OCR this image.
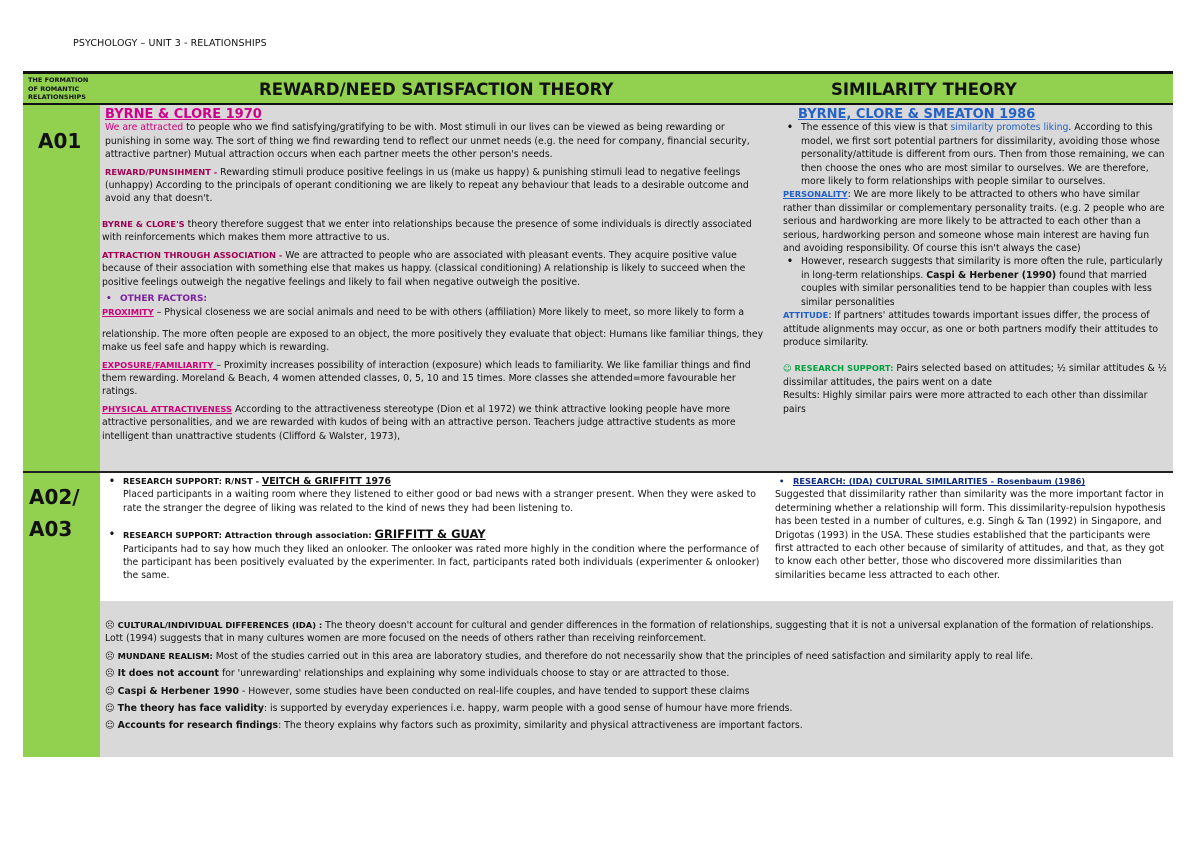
PSYCHOLOGY – UNIT 3 - RELATIONSHIPS
THE FORMATION
OF ROMANTIC
RELATIONSHIPS	REWARD/NEED SATISFACTION THEORY	SIMILARITY THEORY
A01
A02/
A03
BYRNE & CLORE 1970
We are attracted to people who we find satisfying/gratifying to be with. Most stimuli in our lives can be viewed as being rewarding or punishing in some way. The sort of thing we find rewarding tend to reflect our unmet needs (e.g. the need for company, financial security, attractive partner) Mutual attraction occurs when each partner meets the other person's needs.
REWARD/PUNSIHMENT - Rewarding stimuli produce positive feelings in us (make us happy) & punishing stimuli lead to negative feelings (unhappy) According to the principals of operant conditioning we are likely to repeat any behaviour that leads to a desirable outcome and avoid any that doesn't.
BYRNE & CLORE'S theory therefore suggest that we enter into relationships because the presence of some individuals is directly associated with reinforcements which makes them more attractive to us.
ATTRACTION THROUGH ASSOCIATION - We are attracted to people who are associated with pleasant events. They acquire positive value because of their association with something else that makes us happy. (classical conditioning) A relationship is likely to succeed when the positive feelings outweigh the negative feelings and likely to fail when negative outweigh the positive.
• OTHER FACTORS:
PROXIMITY – Physical closeness we are social animals and need to be with others (affiliation) More likely to meet, so more likely to form a
relationship. The more often people are exposed to an object, the more positively they evaluate that object: Humans like familiar things, they make us feel safe and happy which is rewarding.
EXPOSURE/FAMILIARITY – Proximity increases possibility of interaction (exposure) which leads to familiarity. We like familiar things and find them rewarding. Moreland & Beach, 4 women attended classes, 0, 5, 10 and 15 times. More classes she attended=more favourable her ratings.
PHYSICAL ATTRACTIVENESS According to the attractiveness stereotype (Dion et al 1972) we think attractive looking people have more attractive personalities, and we are rewarded with kudos of being with an attractive person. Teachers judge attractive students as more intelligent than unattractive students (Clifford & Walster, 1973),
BYRNE, CLORE & SMEATON 1986
• The essence of this view is that similarity promotes liking. According to this model, we first sort potential partners for dissimilarity, avoiding those whose personality/attitude is different from ours. Then from those remaining, we can then choose the ones who are most similar to ourselves. We are therefore, more likely to form relationships with people similar to ourselves.
PERSONALITY: We are more likely to be attracted to others who have similar rather than dissimilar or complementary personality traits. (e.g. 2 people who are serious and hardworking are more likely to be attracted to each other than a serious, hardworking person and someone whose main interest are having fun and avoiding responsibility. Of course this isn't always the case)
• However, research suggests that similarity is more often the rule, particularly in long-term relationships. Caspi & Herbener (1990) found that married couples with similar personalities tend to be happier than couples with less similar personalities
ATTITUDE: If partners' attitudes towards important issues differ, the process of attitude alignments may occur, as one or both partners modify their attitudes to produce similarity.
☺ RESEARCH SUPPORT: Pairs selected based on attitudes; ½ similar attitudes & ½ dissimilar attitudes, the pairs went on a date
Results: Highly similar pairs were more attracted to each other than dissimilar pairs
• RESEARCH SUPPORT: R/NST - VEITCH & GRIFFITT 1976
Placed participants in a waiting room where they listened to either good or bad news with a stranger present. When they were asked to rate the stranger the degree of liking was related to the kind of news they had been listening to.
• RESEARCH SUPPORT: Attraction through association: GRIFFITT & GUAY
Participants had to say how much they liked an onlooker. The onlooker was rated more highly in the condition where the performance of the participant has been positively evaluated by the experimenter. In fact, participants rated both individuals (experimenter & onlooker) the same.
• RESEARCH: (IDA) CULTURAL SIMILARITIES - Rosenbaum (1986)
Suggested that dissimilarity rather than similarity was the more important factor in determining whether a relationship will form. This dissimilarity-repulsion hypothesis has been tested in a number of cultures, e.g. Singh & Tan (1992) in Singapore, and Drigotas (1993) in the USA. These studies established that the participants were first attracted to each other because of similarity of attitudes, and that, as they got to know each other better, those who discovered more dissimilarities than similarities became less attracted to each other.
☹ CULTURAL/INDIVIDUAL DIFFERENCES (IDA) : The theory doesn't account for cultural and gender differences in the formation of relationships, suggesting that it is not a universal explanation of the formation of relationships. Lott (1994) suggests that in many cultures women are more focused on the needs of others rather than receiving reinforcement.
☹ MUNDANE REALISM: Most of the studies carried out in this area are laboratory studies, and therefore do not necessarily show that the principles of need satisfaction and similarity apply to real life.
☹ It does not account for 'unrewarding' relationships and explaining why some individuals choose to stay or are attracted to those.
☺ Caspi & Herbener 1990 - However, some studies have been conducted on real-life couples, and have tended to support these claims
☺ The theory has face validity: is supported by everyday experiences i.e. happy, warm people with a good sense of humour have more friends.
☺ Accounts for research findings: The theory explains why factors such as proximity, similarity and physical attractiveness are important factors.
